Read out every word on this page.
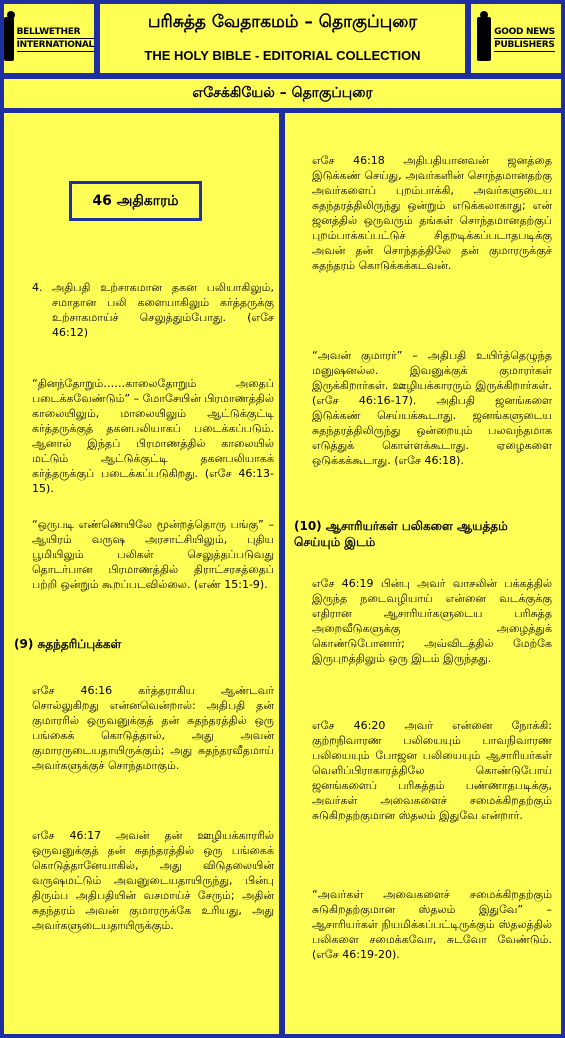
BELLWETHER
INTERNATIONAL
பரிசுத்த வேதாகமம் – தொகுப்புரை
THE HOLY BIBLE - EDITORIAL COLLECTION
GOOD NEWS
PUBLISHERS
எசேக்கியேல் – தொகுப்புரை
46 அதிகாரம்
4. அதிபதி உற்சாகமான தகன பலியாகிலும், சமாதான பலி களையாகிலும் கர்த்தருக்கு உற்சாகமாய்ச் செலுத்தும்போது. (எசே 46:12)
“தினந்தோறும்……காலைதோறும் அதைப் படைக்கவேண்டும்” – மோசேயின் பிரமாணத்தில் காலையிலும், மாலையிலும் ஆட்டுக்குட்டி கர்த்தருக்குத் தகனபலியாகப் படைக்கப்படும். ஆனால் இந்தப் பிரமாணத்தில் காலையில் மட்டும் ஆட்டுக்குட்டி தகனபலியாகக் கர்த்தருக்குப் படைக்கப்படுகிறது. (எசே 46:13-15).
“ஒருபடி எண்ணெயிலே மூன்றத்தொரு பங்கு” – ஆயிரம் வருஷ அரசாட்சியிலும், புதிய பூமியிலும் பலிகள் செலுத்தப்படுவது தொடர்பான பிரமாணத்தில் திராட்சரசத்தைப் பற்றி ஒன்றும் கூறப்படவில்லை. (எண் 15:1-9).
(9) சுதந்தரிப்புக்கள்
எசே 46:16 கர்த்தராகிய ஆண்டவர் சொல்லுகிறது என்னவென்றால்: அதிபதி தன் குமாரரில் ஒருவனுக்குத் தன் சுதந்தரத்தில் ஒரு பங்கைக் கொடுத்தால், அது அவன் குமாரருடையதாயிருக்கும்; அது சுதந்தரவீதமாய் அவர்களுக்குச் சொந்தமாகும்.
எசே 46:17 அவன் தன் ஊழியக்காரரில் ஒருவனுக்குத் தன் சுதந்தரத்தில் ஒரு பங்கைக் கொடுத்தானேயாகில், அது விடுதலையின் வருஷமட்டும் அவனுடையதாயிருந்து, பின்பு திரும்ப அதிபதியின் வசமாய்ச் சேரும்; அதின் சுதந்தரம் அவன் குமாரருக்கே உரியது, அது அவர்களுடையதாயிருக்கும்.
எசே 46:18 அதிபதியானவன் ஜனத்தை இடுக்கண் செய்து, அவர்களின் சொந்தமானதற்கு அவர்களைப் புறம்பாக்கி, அவர்களுடைய சுதந்தரத்திலிருந்து ஒன்றும் எடுக்கலாகாது; என் ஜனத்தில் ஒருவரும் தங்கள் சொந்தமானதற்குப் புறம்பாக்கப்பட்டுச் சிதறடிக்கப்படாதபடிக்கு அவன் தன் சொந்தத்திலே தன் குமாரருக்குச் சுதந்தரம் கொடுக்கக்கடவன்.
“அவன் குமாரர்” – அதிபதி உயிர்த்தெழுந்த மனுஷனல்ல. இவனுக்குக் குமாரர்கள் இருக்கிறார்கள். ஊழியக்காரரும் இருக்கிறார்கள். (எசே 46:16-17). அதிபதி ஜனங்களை இடுக்கண் செய்யக்கூடாது. ஜனங்களுடைய சுதந்தரத்திலிருந்து ஒன்றையும் பலவந்தமாக எடுத்துக் கொள்ளக்கூடாது. ஏழைகளை ஒடுக்கக்கூடாது. (எசே 46:18).
(10) ஆசாரியர்கள் பலிகளை ஆயத்தம் செய்யும் இடம்
எசே 46:19 பின்பு அவர் வாசலின் பக்கத்தில் இருந்த நடைவழியாய் என்னை வடக்குக்கு எதிரான ஆசாரியர்களுடைய பரிசுத்த அறைவீடுகளுக்கு அழைத்துக் கொண்டுபோனார்; அவ்விடத்தில் மேற்கே இருபுறத்திலும் ஒரு இடம் இருந்தது.
எசே 46:20 அவர் என்னை நோக்கி: குற்றநிவாரண பலியையும் பாவநிவாரண பலியையும் போஜன பலியையும் ஆசாரியர்கள் வெளிப்பிராகாரத்திலே கொண்டுபோய் ஜனங்களைப் பரிசுத்தம் பண்ணாதபடிக்கு, அவர்கள் அவைகளைச் சமைக்கிறதற்கும் சுடுகிறதற்குமான ஸ்தலம் இதுவே என்றார்.
“அவர்கள் அவைகளைச் சமைக்கிறதற்கும் சுடுகிறதற்குமான ஸ்தலம் இதுவே” – ஆசாரியர்கள் நியமிக்கப்பட்டிருக்கும் ஸ்தலத்தில் பலிகளை சமைக்கவோ, சுடவோ வேண்டும். (எசே 46:19-20).
